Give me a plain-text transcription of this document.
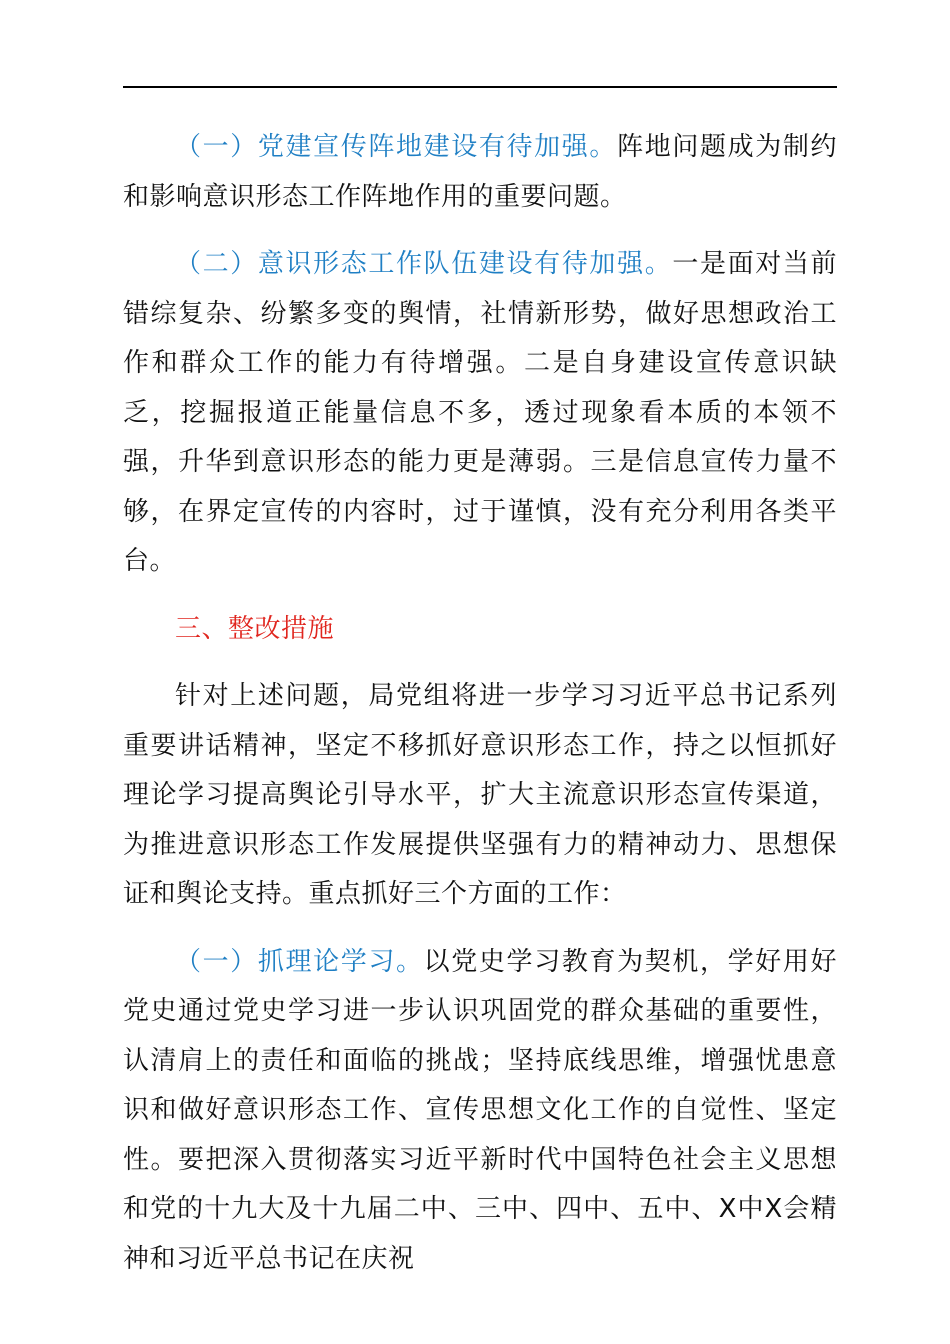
（一）党建宣传阵地建设有待加强。阵地问题成为制约和影响意识形态工作阵地作用的重要问题。

（二）意识形态工作队伍建设有待加强。一是面对当前错综复杂、纷繁多变的舆情，社情新形势，做好思想政治工作和群众工作的能力有待增强。二是自身建设宣传意识缺乏，挖掘报道正能量信息不多，透过现象看本质的本领不强，升华到意识形态的能力更是薄弱。三是信息宣传力量不够，在界定宣传的内容时，过于谨慎，没有充分利用各类平台。

三、整改措施

针对上述问题，局党组将进一步学习习近平总书记系列重要讲话精神，坚定不移抓好意识形态工作，持之以恒抓好理论学习提高舆论引导水平，扩大主流意识形态宣传渠道，为推进意识形态工作发展提供坚强有力的精神动力、思想保证和舆论支持。重点抓好三个方面的工作：

（一）抓理论学习。以党史学习教育为契机，学好用好党史通过党史学习进一步认识巩固党的群众基础的重要性，认清肩上的责任和面临的挑战；坚持底线思维，增强忧患意识和做好意识形态工作、宣传思想文化工作的自觉性、坚定性。要把深入贯彻落实习近平新时代中国特色社会主义思想和党的十九大及十九届二中、三中、四中、五中、X中X会精神和习近平总书记在庆祝
